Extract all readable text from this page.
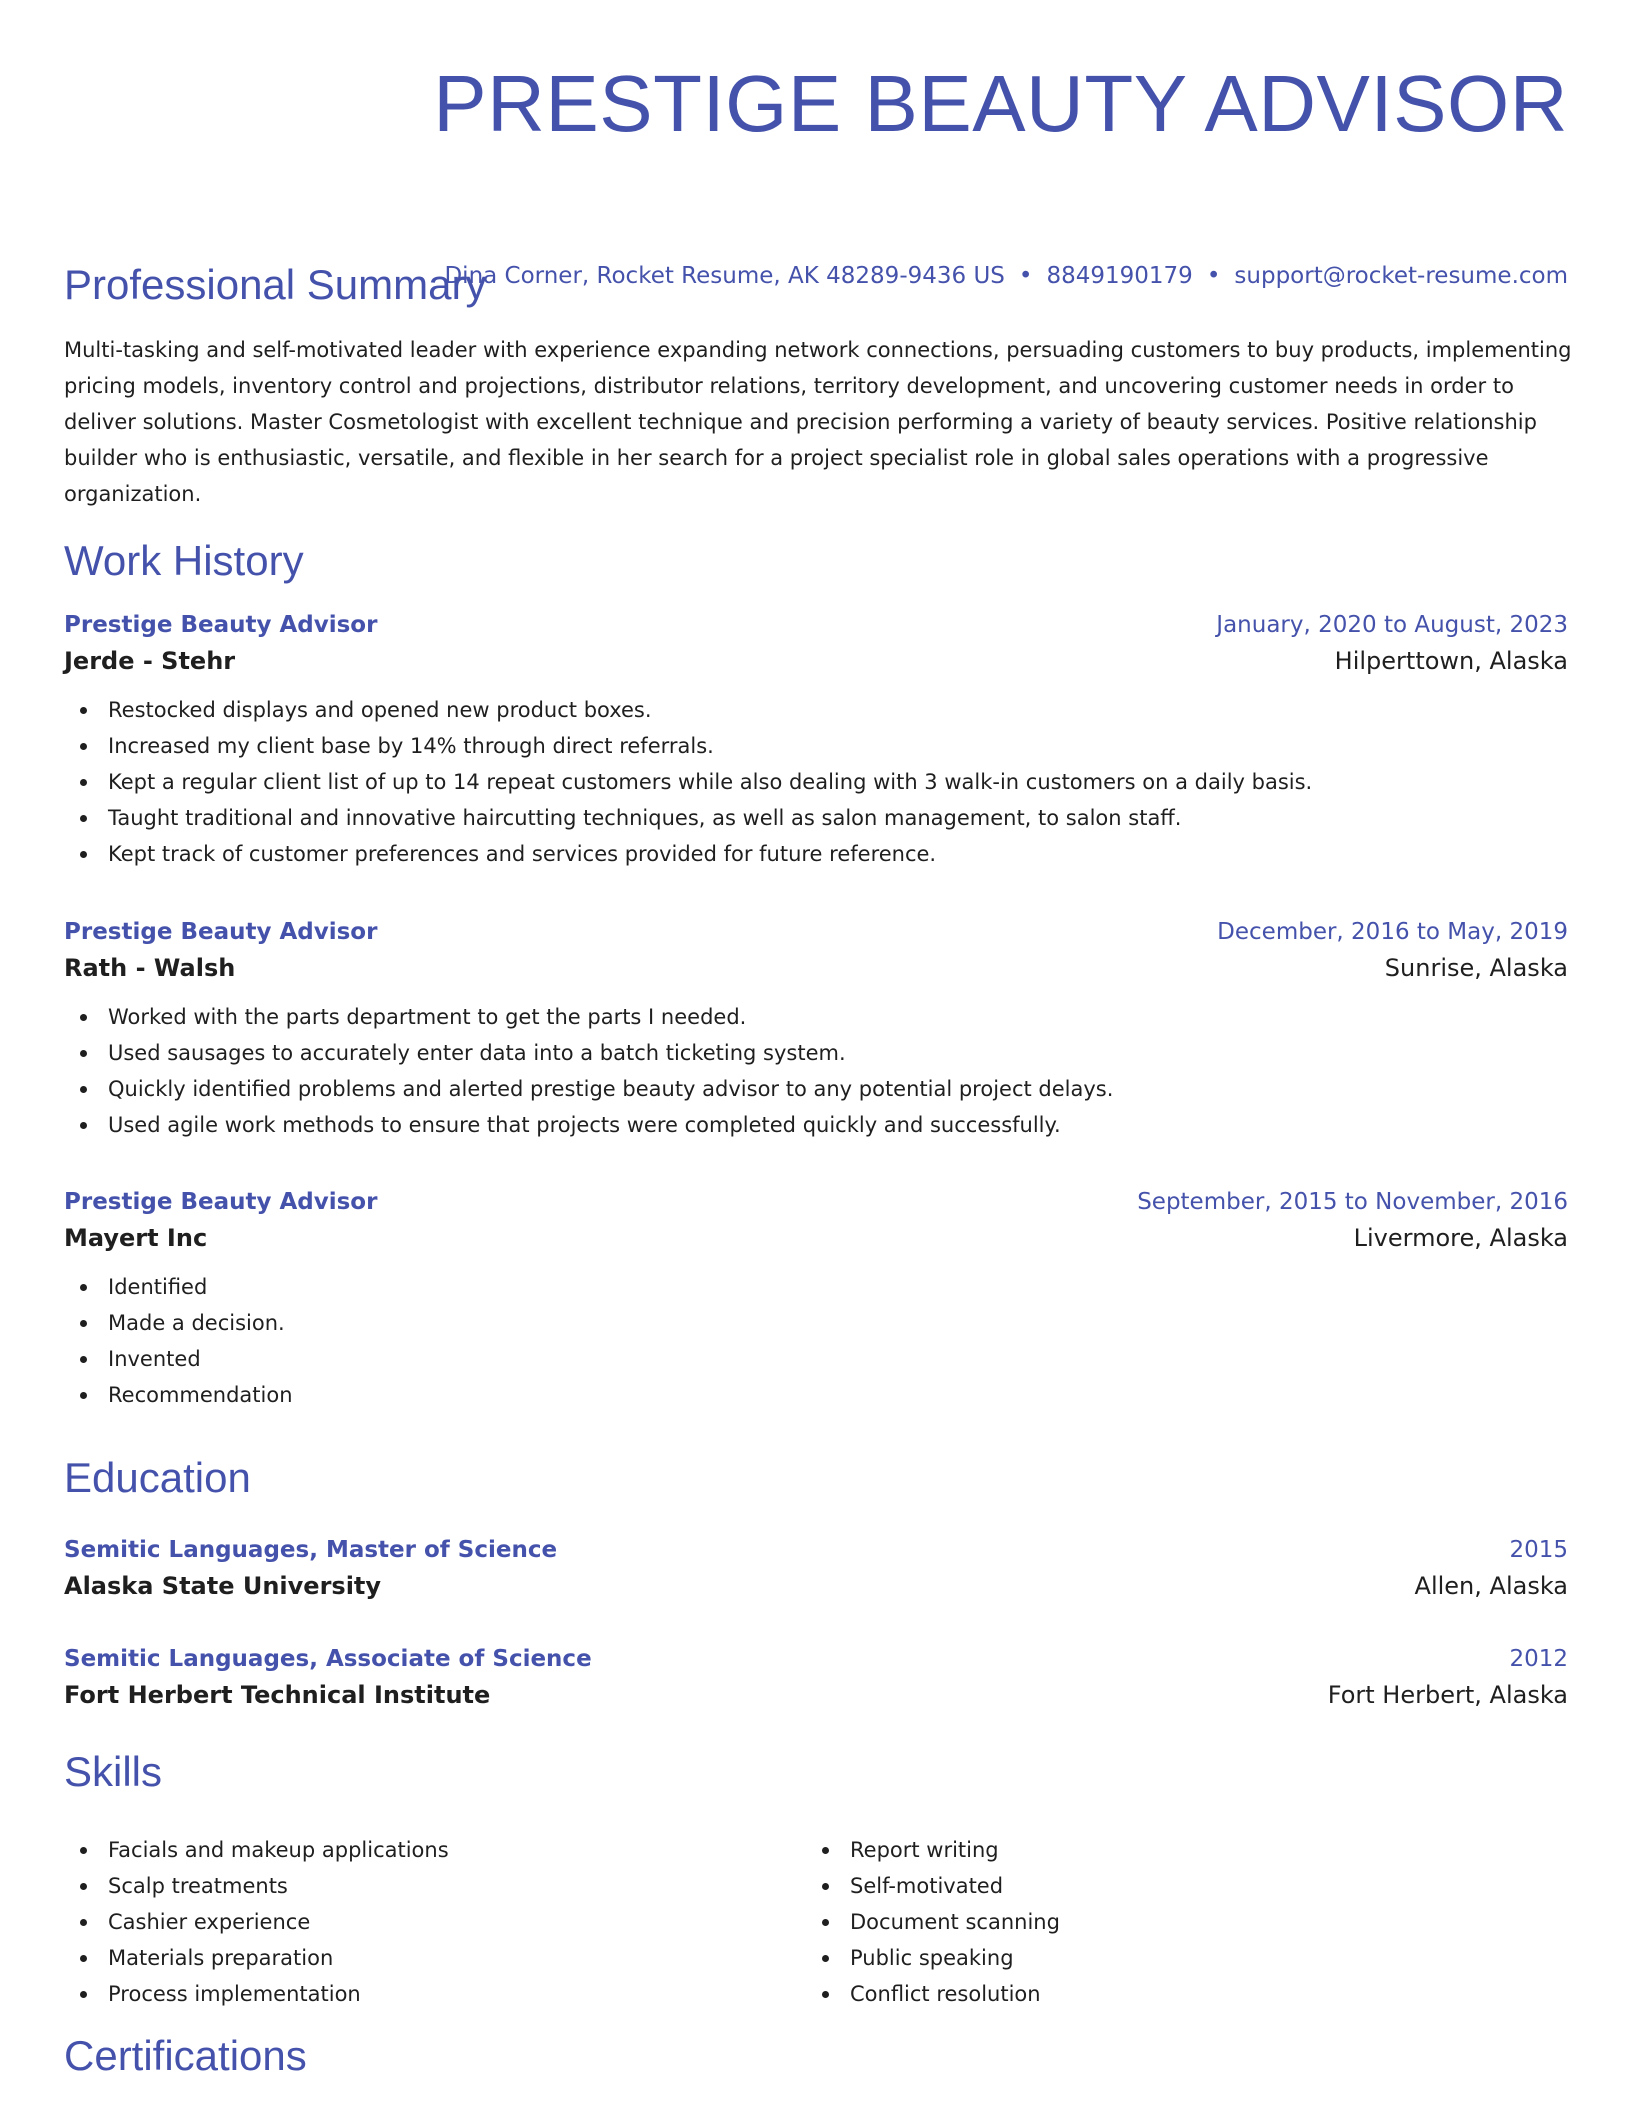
PRESTIGE BEAUTY ADVISOR
Dina Corner, Rocket Resume, AK 48289-9436 US • 8849190179 • support@rocket-resume.com
Professional Summary

Multi-tasking and self-motivated leader with experience expanding network connections, persuading customers to buy products, implementing pricing models, inventory control and projections, distributor relations, territory development, and uncovering customer needs in order to deliver solutions. Master Cosmetologist with excellent technique and precision performing a variety of beauty services. Positive relationship builder who is enthusiastic, versatile, and flexible in her search for a project specialist role in global sales operations with a progressive organization.

Work History
Prestige Beauty Advisor	January, 2020 to August, 2023
Jerde - Stehr	Hilperttown, Alaska
Restocked displays and opened new product boxes.
Increased my client base by 14% through direct referrals.
Kept a regular client list of up to 14 repeat customers while also dealing with 3 walk-in customers on a daily basis.
Taught traditional and innovative haircutting techniques, as well as salon management, to salon staff.
Kept track of customer preferences and services provided for future reference.
Prestige Beauty Advisor	December, 2016 to May, 2019
Rath - Walsh	Sunrise, Alaska
Worked with the parts department to get the parts I needed.
Used sausages to accurately enter data into a batch ticketing system.
Quickly identified problems and alerted prestige beauty advisor to any potential project delays.
Used agile work methods to ensure that projects were completed quickly and successfully.
Prestige Beauty Advisor	September, 2015 to November, 2016
Mayert Inc	Livermore, Alaska
Identified
Made a decision.
Invented
Recommendation
Education
Semitic Languages, Master of Science	2015
Alaska State University	Allen, Alaska
Semitic Languages, Associate of Science	2012
Fort Herbert Technical Institute	Fort Herbert, Alaska
Skills
Facials and makeup applications
Scalp treatments
Cashier experience
Materials preparation
Process implementation
Report writing
Self-motivated
Document scanning
Public speaking
Conflict resolution
Certifications
